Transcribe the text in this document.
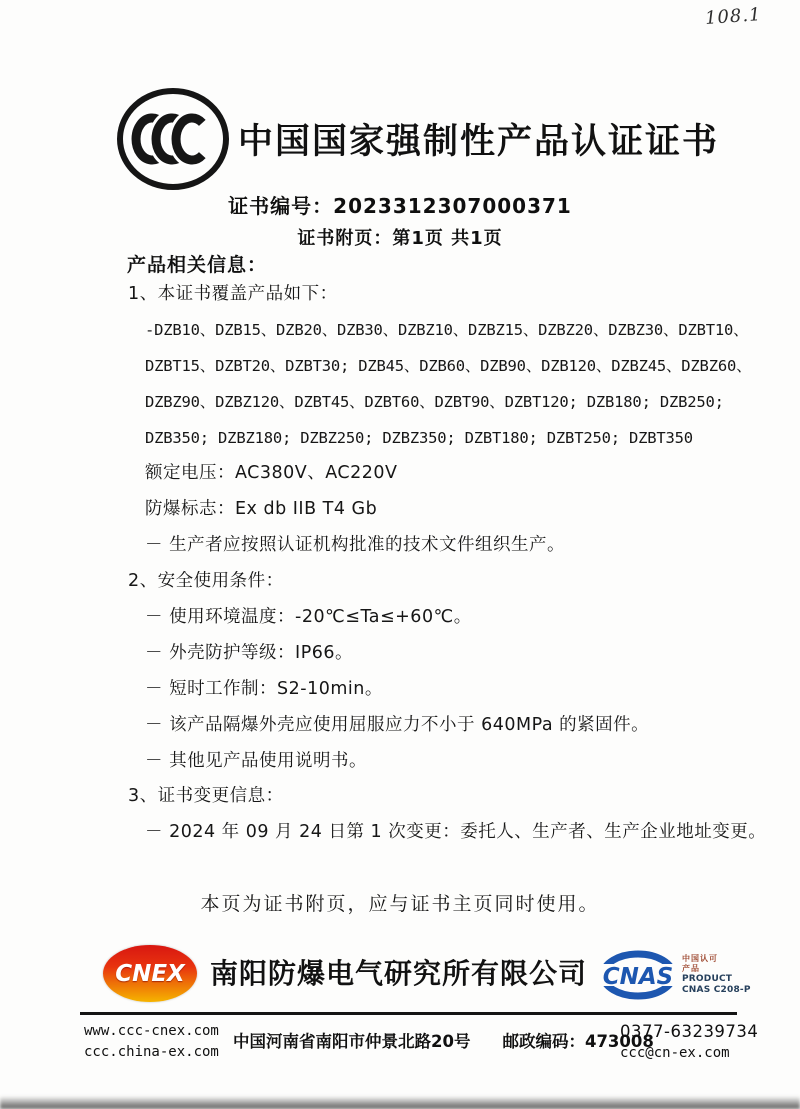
108.1
中国国家强制性产品认证证书
证书编号：2023312307000371
证书附页：第1页 共1页
产品相关信息：
1、本证书覆盖产品如下：
-DZB10、DZB15、DZB20、DZB30、DZBZ10、DZBZ15、DZBZ20、DZBZ30、DZBT10、
DZBT15、DZBT20、DZBT30; DZB45、DZB60、DZB90、DZB120、DZBZ45、DZBZ60、
DZBZ90、DZBZ120、DZBT45、DZBT60、DZBT90、DZBT120; DZB180; DZB250;
DZB350; DZBZ180; DZBZ250; DZBZ350; DZBT180; DZBT250; DZBT350
额定电压：AC380V、AC220V
防爆标志：Ex db IIB T4 Gb
－ 生产者应按照认证机构批准的技术文件组织生产。
2、安全使用条件：
－ 使用环境温度：-20℃≤Ta≤+60℃。
－ 外壳防护等级：IP66。
－ 短时工作制：S2-10min。
－ 该产品隔爆外壳应使用屈服应力不小于 640MPa 的紧固件。
－ 其他见产品使用说明书。
3、证书变更信息：
－ 2024 年 09 月 24 日第 1 次变更：委托人、生产者、生产企业地址变更。
本页为证书附页，应与证书主页同时使用。
CNEX 南阳防爆电气研究所有限公司 CNAS
中国认可
产品
PRODUCT
CNAS C208-P
www.ccc-cnex.com
ccc.china-ex.com
中国河南省南阳市仲景北路20号 邮政编码：473008
0377-63239734
ccc@cn-ex.com
